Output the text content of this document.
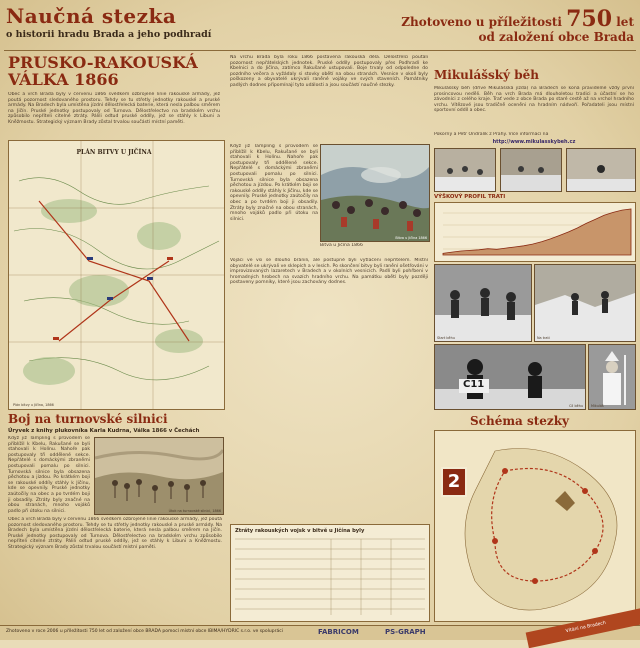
Naučná stezka
o historii hradu Brada a jeho podhradí
Zhotoveno u příležitosti 750 let
od založení obce Brada
PRUSKO-RAKOUSKÁ
VÁLKA 1866
Obec a vrch Brada byly v červenu 1866 svědkem ozbrojené linie rakouské armády, jež poutá pozornost sledovaného prostoru. Tehdy se tu střetly jednotky rakouské a pruské armády. Na Bradech byla umístěna jízdní dělostřelecká baterie, která nesla palbou směrem na Jičín. Pruské jednotky postupovaly od Turnova. Dělostřelectvo na bradském vrchu způsobilo nepříteli citelné ztráty. Pálili odtud pruské oddíly, jež se stáhly k Libuni a Kněžmostu. Strategický význam Brady zůstal trvalou součástí místní paměti.
PLÁN BITVY U JIČÍNA
Plán bitvy u Jičína, 1866
Boj na turnovské silnici
Úryvek z knihy plukovníka Karla Kudrna, Válka 1866 v Čechách
Když již Tampling s průvodem se přiblížil k Kbelu, Rakušané se byli stahovali k Holínu. Nahoře pak postupovaly tři oddělené sekce. Nepřátelé s domáckými zbraněmi postupovali pomalu po silnici. Turnovská silnice byla obsazena pěchotou a jízdou. Po krátkém boji se rakouské oddíly stáhly k Jičínu, kde se opevnily. Pruské jednotky zaútočily na obec a po tvrdém boji ji obsadily. Ztráty byly značné na obou stranách, mnoho vojáků padlo při útoku na silnici.	Útok na turnovské silnici, 1866
Obec a vrch Brada byly v červenu 1866 svědkem ozbrojené linie rakouské armády, jež poutá pozornost sledovaného prostoru. Tehdy se tu střetly jednotky rakouské a pruské armády. Na Bradech byla umístěna jízdní dělostřelecká baterie, která nesla palbou směrem na Jičín. Pruské jednotky postupovaly od Turnova. Dělostřelectvo na bradském vrchu způsobilo nepříteli citelné ztráty. Pálili odtud pruské oddíly, jež se stáhly k Libuni a Kněžmostu. Strategický význam Brady zůstal trvalou součástí místní paměti.
Na vrchu Brada byla roku 1866 postavena rakouská děla. Dělostřelci poutali pozornost nepřátelských jednotek. Pruské oddíly postupovaly přes Podhradí ke Kbelnici a do Jičína, zatímco Rakušané ustupovali. Boje trvaly od odpoledne do pozdního večera a vyžádaly si stovky obětí na obou stranách. Vesnice v okolí byly poškozeny a obyvatelé ukrývali raněné vojáky ve svých staveních. Památníky padlých dodnes připomínají tyto události a jsou součástí naučné stezky.
Když již Tampling s průvodem se přiblížil k Kbelu, Rakušané se byli stahovali k Holínu. Nahoře pak postupovaly tři oddělené sekce. Nepřátelé s domáckými zbraněmi postupovali pomalu po silnici. Turnovská silnice byla obsazena pěchotou a jízdou. Po krátkém boji se rakouské oddíly stáhly k Jičínu, kde se opevnily. Pruské jednotky zaútočily na obec a po tvrdém boji ji obsadily. Ztráty byly značné na obou stranách, mnoho vojáků padlo při útoku na silnici.
Bitva u Jičína 1866
Bitva u Jičína 1866
Vojáci ve vsi se dlouho bránili, ale postupně byli vytlačeni nepřítelem. Místní obyvatelé se ukrývali ve sklepích a v lesích. Po skončení bitvy byli ranění ošetřováni v improvizovaných lazaretech v Bradech a v okolních vesnicích. Padlí byli pohřbeni v hromadných hrobech na svazích hradního vrchu. Na památku obětí byly později postaveny pomníky, které jsou zachovány dodnes.
Ztráty rakouských vojsk v bitvě u Jičína byly
Mikulášský běh
Mikulášský běh (dříve Mikulášská jízda) na Bradech se koná pravidelně vždy první prosincovou neděli. Běh na vrch Brada má dlouholetou tradici a účastní se ho závodníci z celého kraje. Trať vede z obce Brada po staré cestě až na vrchol hradního vrchu. Vítězové jsou tradičně oceněni na hradním nádvoří. Pořadateli jsou místní sportovní oddíl a obec.
Pokorný a Petr Ondralík z Prahy. Více informací na
http://www.mikulasskybeh.cz
VÝŠKOVÝ PROFIL TRATI
Start běhu	Na trati
C11
Cíl běhu Mikuláš
Schéma stezky
2
Zhotoveno v roce 2006 u příležitosti 750 let od založení obce BRADA pomocí místní obce IBIMA/HYDRIC s.r.o. ve spolupráci	FABRICOM	PS-GRAPH	Vítání na Bradech
